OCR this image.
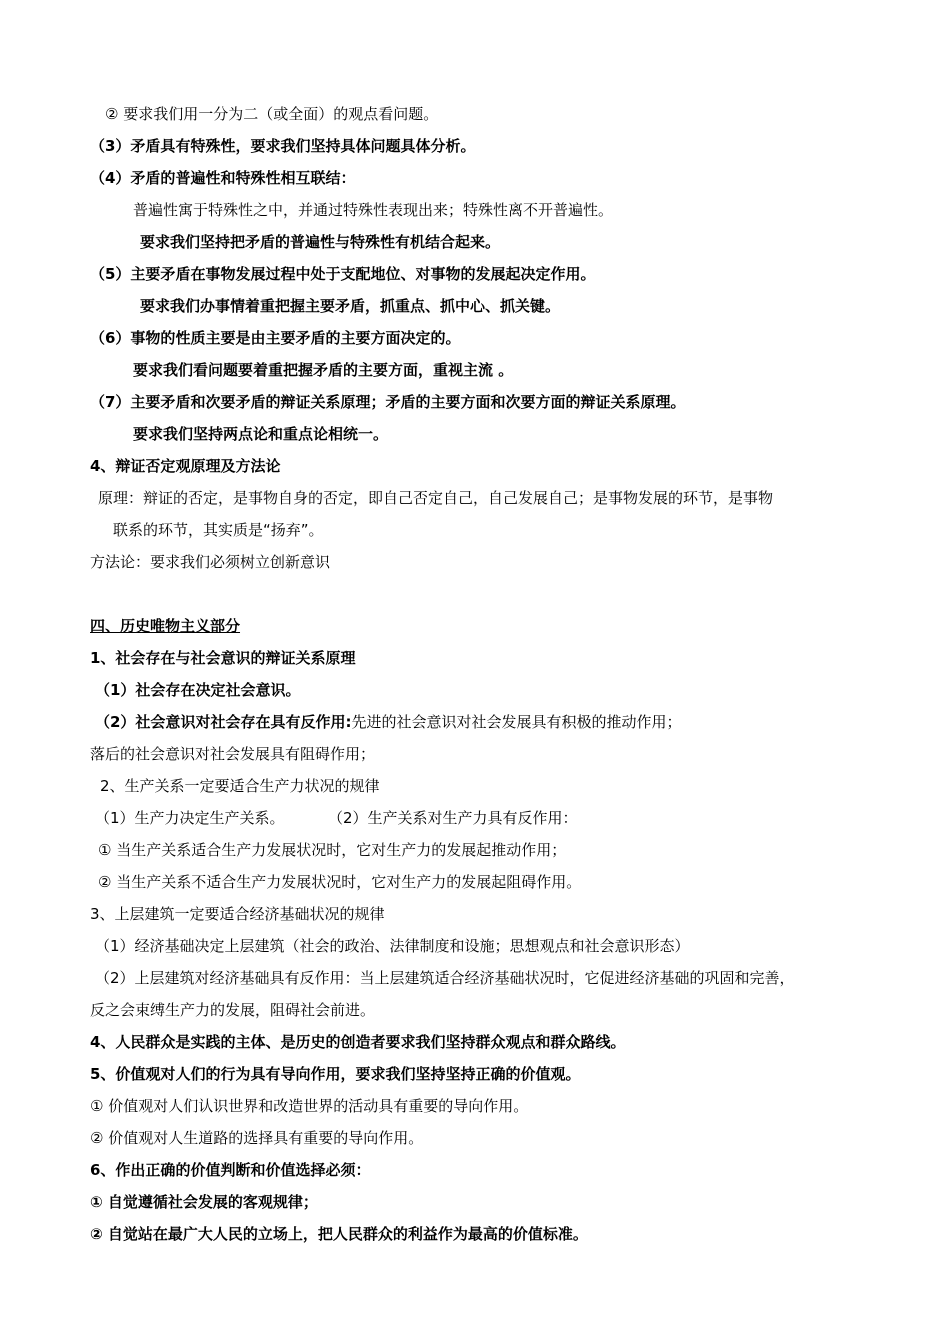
② 要求我们用一分为二（或全面）的观点看问题。
（3）矛盾具有特殊性，要求我们坚持具体问题具体分析。
（4）矛盾的普遍性和特殊性相互联结：
普遍性寓于特殊性之中，并通过特殊性表现出来；特殊性离不开普遍性。
要求我们坚持把矛盾的普遍性与特殊性有机结合起来。
（5）主要矛盾在事物发展过程中处于支配地位、对事物的发展起决定作用。
要求我们办事情着重把握主要矛盾，抓重点、抓中心、抓关键。
（6）事物的性质主要是由主要矛盾的主要方面决定的。
要求我们看问题要着重把握矛盾的主要方面，重视主流 。
（7）主要矛盾和次要矛盾的辩证关系原理；矛盾的主要方面和次要方面的辩证关系原理。
要求我们坚持两点论和重点论相统一。
4、辩证否定观原理及方法论
原理：辩证的否定，是事物自身的否定，即自己否定自己，自己发展自己；是事物发展的环节，是事物
联系的环节，其实质是“扬弃”。
方法论：要求我们必须树立创新意识
四、历史唯物主义部分
1、社会存在与社会意识的辩证关系原理
（1）社会存在决定社会意识。
（2）社会意识对社会存在具有反作用:先进的社会意识对社会发展具有积极的推动作用；
落后的社会意识对社会发展具有阻碍作用；
2、生产关系一定要适合生产力状况的规律
（1）生产力决定生产关系。	（2）生产关系对生产力具有反作用：
① 当生产关系适合生产力发展状况时，它对生产力的发展起推动作用；
② 当生产关系不适合生产力发展状况时，它对生产力的发展起阻碍作用。
3、上层建筑一定要适合经济基础状况的规律
（1）经济基础决定上层建筑（社会的政治、法律制度和设施；思想观点和社会意识形态）
（2）上层建筑对经济基础具有反作用：当上层建筑适合经济基础状况时，它促进经济基础的巩固和完善，
反之会束缚生产力的发展，阻碍社会前进。
4、人民群众是实践的主体、是历史的创造者要求我们坚持群众观点和群众路线。
5、价值观对人们的行为具有导向作用，要求我们坚持坚持正确的价值观。
① 价值观对人们认识世界和改造世界的活动具有重要的导向作用。
② 价值观对人生道路的选择具有重要的导向作用。
6、作出正确的价值判断和价值选择必须：
① 自觉遵循社会发展的客观规律；
② 自觉站在最广大人民的立场上，把人民群众的利益作为最高的价值标准。
